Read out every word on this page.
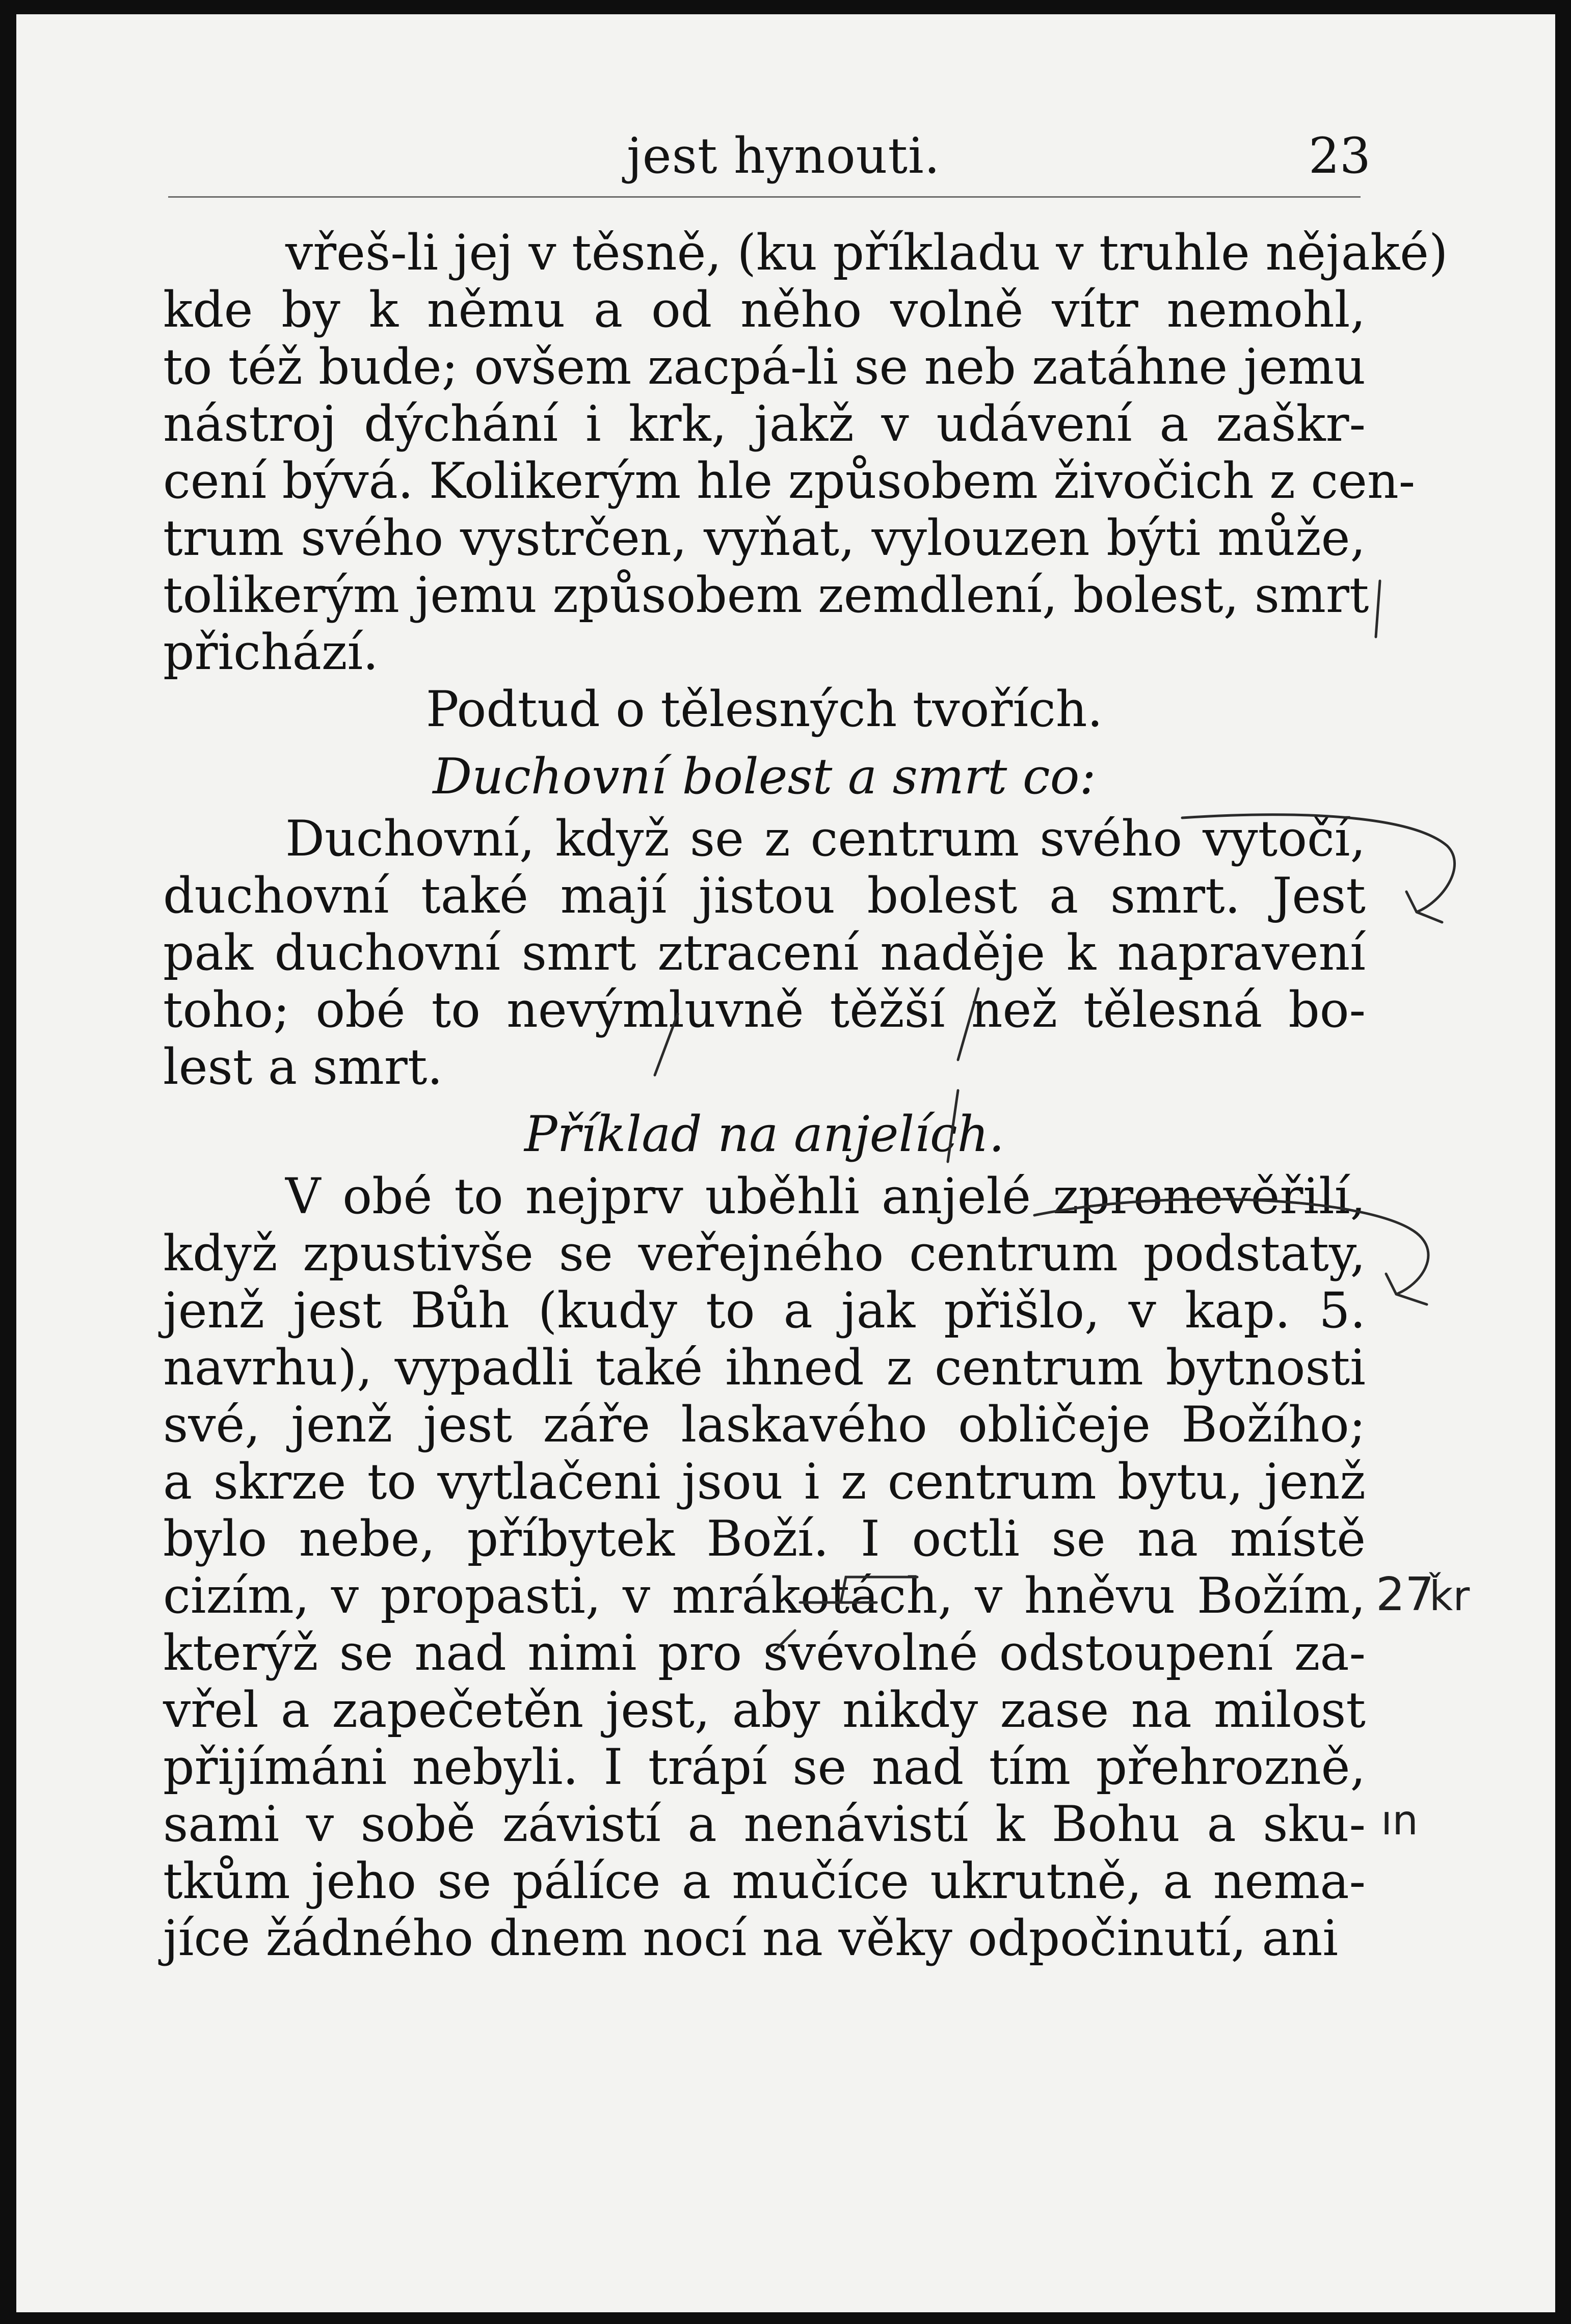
jest hynouti.	23
vřeš-li jej v těsně, (ku příkladu v truhle nějaké)
kde by k němu a od něho volně vítr nemohl,
to též bude; ovšem zacpá-li se neb zatáhne jemu
nástroj dýchání i krk, jakž v udávení a zaškr-
cení bývá. Kolikerým hle způsobem živočich z cen-
trum svého vystrčen, vyňat, vylouzen býti může,
tolikerým jemu způsobem zemdlení, bolest, smrt
přichází.
Podtud o tělesných tvořích.
Duchovní bolest a smrt co:
Duchovní, když se z centrum svého vytočí,
duchovní také mají jistou bolest a smrt. Jest
pak duchovní smrt ztracení naděje k napravení
toho; obé to nevýmluvně těžší než tělesná bo-
lest a smrt.
Příklad na anjelích.
V obé to nejprv uběhli anjelé zpronevěřilí,
když zpustivše se veřejného centrum podstaty,
jenž jest Bůh (kudy to a jak přišlo, v kap. 5.
navrhu), vypadli také ihned z centrum bytnosti
své, jenž jest záře laskavého obličeje Božího;
a skrze to vytlačeni jsou i z centrum bytu, jenž
bylo nebe, příbytek Boží. I octli se na místě
cizím, v propasti, v mrákotách, v hněvu Božím,
kterýž se nad nimi pro svévolné odstoupení za-
vřel a zapečetěn jest, aby nikdy zase na milost
přijímáni nebyli. I trápí se nad tím přehrozně,
sami v sobě závistí a nenávistí k Bohu a sku-
tkům jeho se pálíce a mučíce ukrutně, a nema-
jíce žádného dnem nocí na věky odpočinutí, ani
27
ǩr
ın
